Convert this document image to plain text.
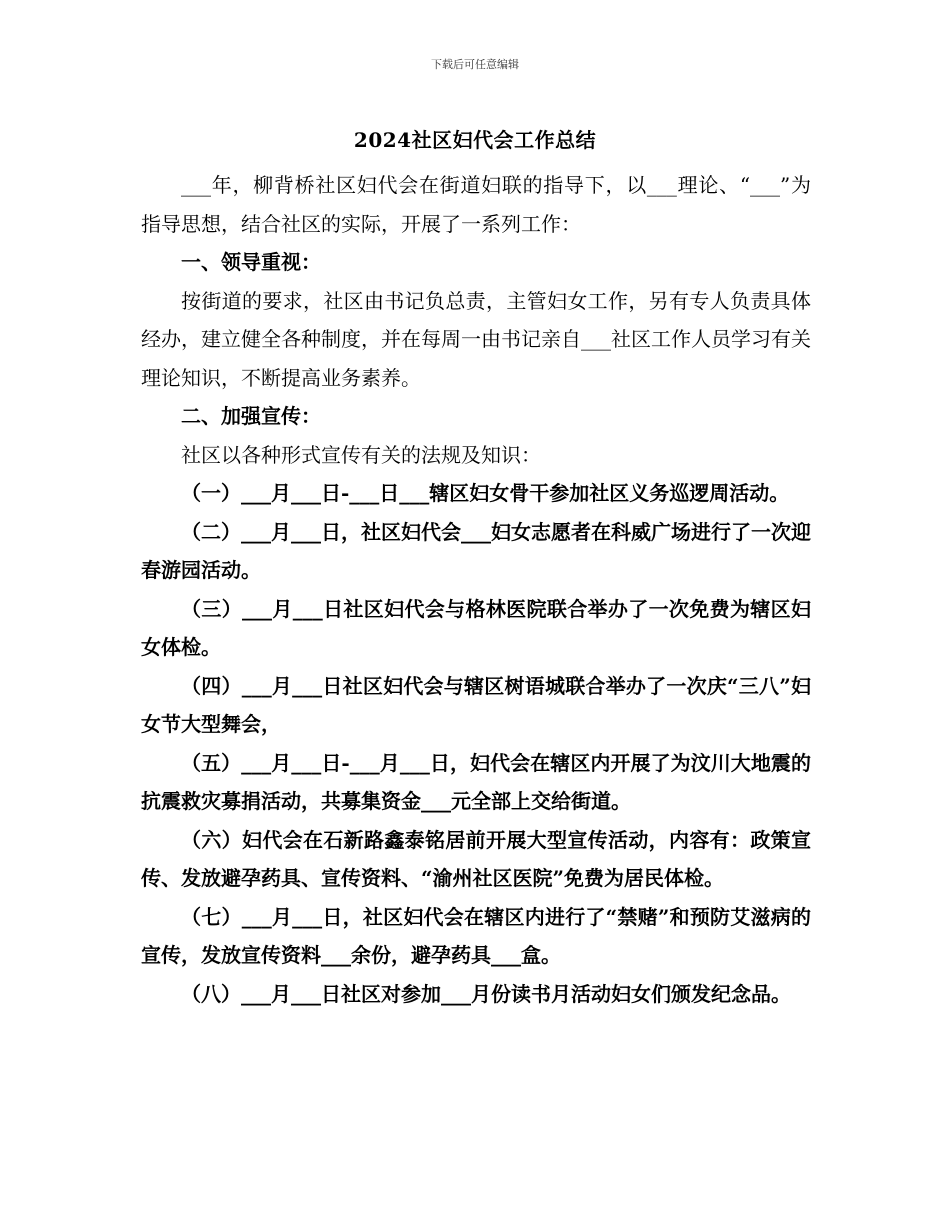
下载后可任意编辑
2024社区妇代会工作总结

___年，柳背桥社区妇代会在街道妇联的指导下，以___理论、“___”为指导思想，结合社区的实际，开展了一系列工作：

一、领导重视：

按街道的要求，社区由书记负总责，主管妇女工作，另有专人负责具体经办，建立健全各种制度，并在每周一由书记亲自___社区工作人员学习有关理论知识，不断提高业务素养。

二、加强宣传：

社区以各种形式宣传有关的法规及知识：

（一）___月___日-___日___辖区妇女骨干参加社区义务巡逻周活动。

（二）___月___日，社区妇代会___妇女志愿者在科威广场进行了一次迎春游园活动。

（三）___月___日社区妇代会与格林医院联合举办了一次免费为辖区妇女体检。

（四）___月___日社区妇代会与辖区树语城联合举办了一次庆“三八”妇女节大型舞会，

（五）___月___日-___月___日，妇代会在辖区内开展了为汶川大地震的抗震救灾募捐活动，共募集资金___元全部上交给街道。

（六）妇代会在石新路鑫泰铭居前开展大型宣传活动，内容有：政策宣传、发放避孕药具、宣传资料、“渝州社区医院”免费为居民体检。

（七）___月___日，社区妇代会在辖区内进行了“禁赌”和预防艾滋病的宣传，发放宣传资料___余份，避孕药具___盒。

（八）___月___日社区对参加___月份读书月活动妇女们颁发纪念品。
